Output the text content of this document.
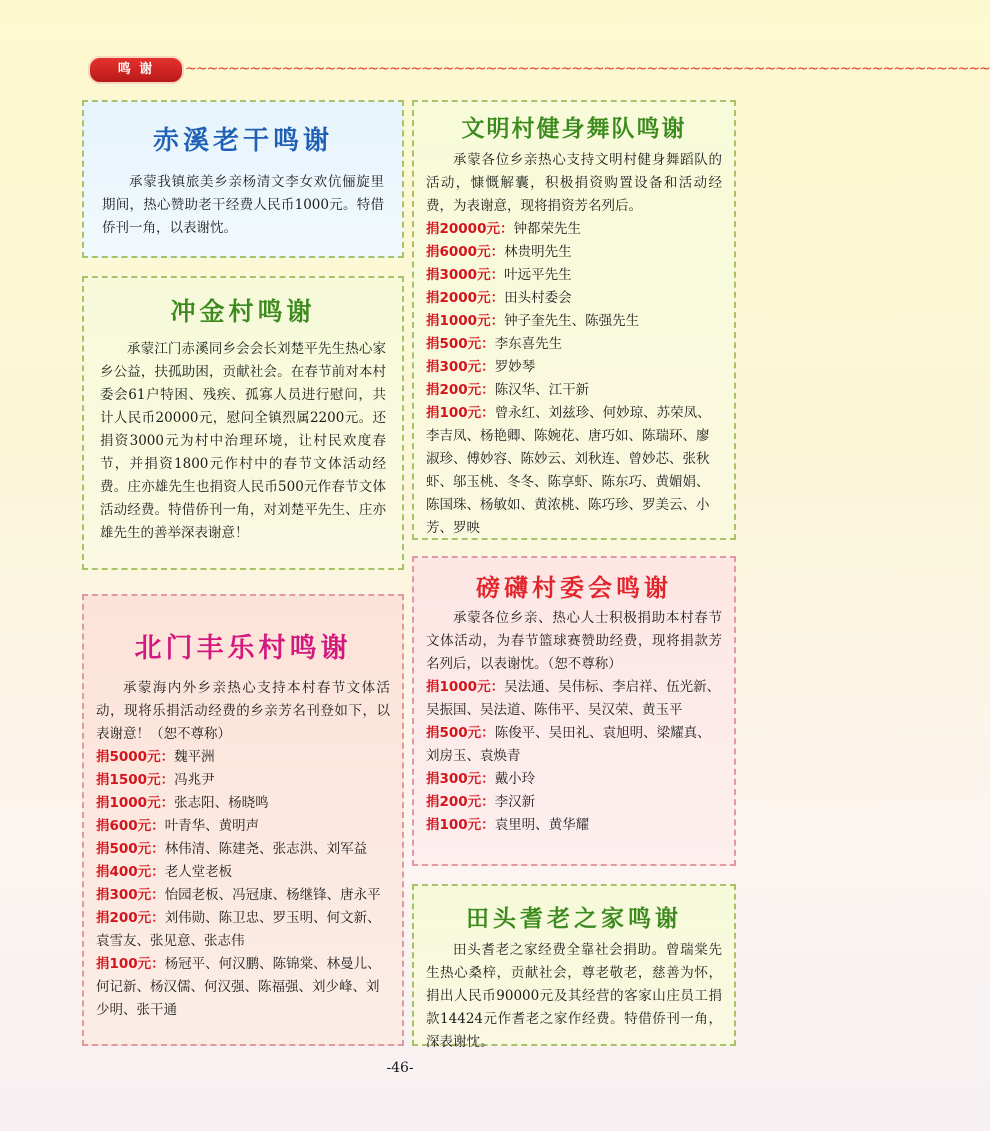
鸣 谢	~~~~~~~~~~~~~~~~~~~~~~~~~~~~~~~~~~~~~~~~~~~~~~~~~~~~~~~~~~~~~~~~~~~~~~~~~~~
赤溪老干鸣谢

承蒙我镇旅美乡亲杨清文李女欢伉俪旋里期间，热心赞助老干经费人民币1000元。特借侨刊一角，以表谢忱。

冲金村鸣谢

承蒙江门赤溪同乡会会长刘楚平先生热心家乡公益，扶孤助困，贡献社会。在春节前对本村委会61户特困、残疾、孤寡人员进行慰问，共计人民币20000元，慰问全镇烈属2200元。还捐资3000元为村中治理环境，让村民欢度春节，并捐资1800元作村中的春节文体活动经费。庄亦雄先生也捐资人民币500元作春节文体活动经费。特借侨刊一角，对刘楚平先生、庄亦雄先生的善举深表谢意！

北门丰乐村鸣谢

承蒙海内外乡亲热心支持本村春节文体活动，现将乐捐活动经费的乡亲芳名刊登如下，以表谢意！（恕不尊称）

捐5000元：魏平洲

捐1500元：冯兆尹

捐1000元：张志阳、杨晓鸣

捐600元：叶青华、黄明声

捐500元：林伟清、陈建尧、张志洪、刘军益

捐400元：老人堂老板

捐300元：怡园老板、冯冠康、杨继锋、唐永平

捐200元：刘伟勋、陈卫忠、罗玉明、何文新、袁雪友、张见意、张志伟

捐100元：杨冠平、何汉鹏、陈锦棠、林曼儿、何记新、杨汉儒、何汉强、陈福强、刘少峰、刘少明、张干通

文明村健身舞队鸣谢

承蒙各位乡亲热心支持文明村健身舞蹈队的活动，慷慨解囊，积极捐资购置设备和活动经费，为表谢意，现将捐资芳名列后。

捐20000元：钟都荣先生

捐6000元：林贵明先生

捐3000元：叶远平先生

捐2000元：田头村委会

捐1000元：钟子奎先生、陈强先生

捐500元：李东喜先生

捐300元：罗妙琴

捐200元：陈汉华、江干新

捐100元：曾永红、刘兹珍、何妙琼、苏荣凤、李吉凤、杨艳卿、陈婉花、唐巧如、陈瑞环、廖淑珍、傅妙容、陈妙云、刘秋连、曾妙芯、张秋虾、邬玉桃、冬冬、陈享虾、陈东巧、黄媚娟、陈国珠、杨敏如、黄浓桃、陈巧珍、罗美云、小芳、罗映

磅礴村委会鸣谢

承蒙各位乡亲、热心人士积极捐助本村春节文体活动，为春节篮球赛赞助经费，现将捐款芳名列后，以表谢忱。（恕不尊称）

捐1000元：吴法通、吴伟标、李启祥、伍光新、吴振国、吴法道、陈伟平、吴汉荣、黄玉平

捐500元：陈俊平、吴田礼、袁旭明、梁耀真、刘房玉、袁焕青

捐300元：戴小玲

捐200元：李汉新

捐100元：袁里明、黄华耀

田头耆老之家鸣谢

田头耆老之家经费全靠社会捐助。曾瑞棠先生热心桑梓，贡献社会，尊老敬老，慈善为怀，捐出人民币90000元及其经营的客家山庄员工捐款14424元作耆老之家作经费。特借侨刊一角，深表谢忱。

-46-
